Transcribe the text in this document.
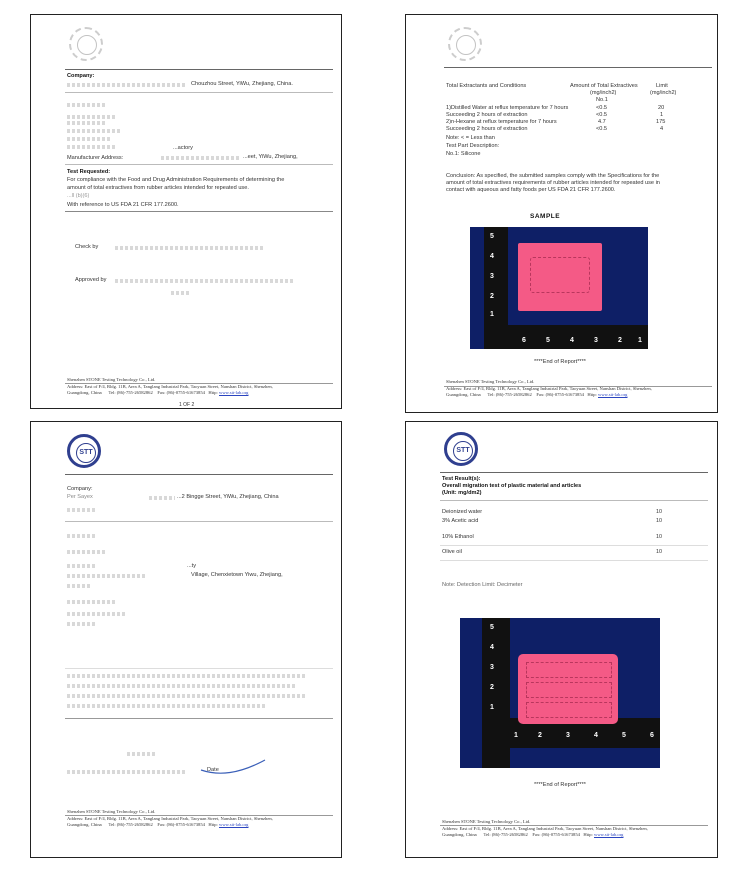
Company:
Chouzhou Street, YiWu, Zhejiang, China.
...actory
Manufacturer Address:	...eet, YiWu, Zhejiang,
Test Requested:
For compliance with the Food and Drug Administration Requirements of determining the
amount of total extractives from rubber articles intended for repeated use.
...ll (b)(6)
With reference to US FDA 21 CFR 177.2600.
Check by
Approved by
Shenzhen STONE Testing Technology Co., Ltd.
Address: East of F/4, Bldg. 11B, Area A, Tanglang Industrial Park, Taoyuan Street, Nanshan District, Shenzhen,
Guangdong, China Tel: (86)-755-26582862 Fax: (86)-0755-61673854 Http: www.stt-lab.org
1 OF 2
Total Extractants and Conditions	Amount of Total Extractives
(mg/inch2)
No.1
Limit
(mg/inch2)
1)Distilled Water at reflux temperature for 7 hours	<0.5	20
Succeeding 2 hours of extraction	<0.5	1
2)n-Hexane at reflux temperature for 7 hours	4.7	175
Succeeding 2 hours of extraction	<0.5	4
Note: < = Less than
Test Part Description:
No.1: Silicone
Conclusion: As specified, the submitted samples comply with the Specifications for the
amount of total extractives requirements of rubber articles intended for repeated use in
contact with aqueous and fatty foods per US FDA 21 CFR 177.2600.
SAMPLE
5
4
3
2
1
6	5	4	3	2 1
****End of Report****
Shenzhen STONE Testing Technology Co., Ltd.
Address: East of F/4, Bldg. 11B, Area A, Tanglang Industrial Park, Taoyuan Street, Nanshan District, Shenzhen,
Guangdong, China Tel: (86)-755-26582862 Fax: (86)-0755-61673854 Http: www.stt-lab.org
STT
Company:
Per Sayex	...2 Bingge Street, YiWu, Zhejiang, China
...ty
Village, Chenxietown Yiwu, Zhejiang,
Date
Shenzhen STONE Testing Technology Co., Ltd.
Address: East of F/4, Bldg. 11B, Area A, Tanglang Industrial Park, Taoyuan Street, Nanshan District, Shenzhen,
Guangdong, China Tel: (86)-755-26582862 Fax: (86)-0755-61673854 Http: www.stt-lab.org
STT
Test Result(s):
Overall migration test of plastic material and articles
(Unit: mg/dm2)
Deionized water	10
3% Acetic acid	10
10% Ethanol	10
Olive oil	10
Note: Detection Limit: Decimeter
5
4
3
2
1
6
5
4
3
2
1
****End of Report****
Shenzhen STONE Testing Technology Co., Ltd.
Address: East of F/4, Bldg. 11B, Area A, Tanglang Industrial Park, Taoyuan Street, Nanshan District, Shenzhen,
Guangdong, China Tel: (86)-755-26582862 Fax: (86)-0755-61673854 Http: www.stt-lab.org
